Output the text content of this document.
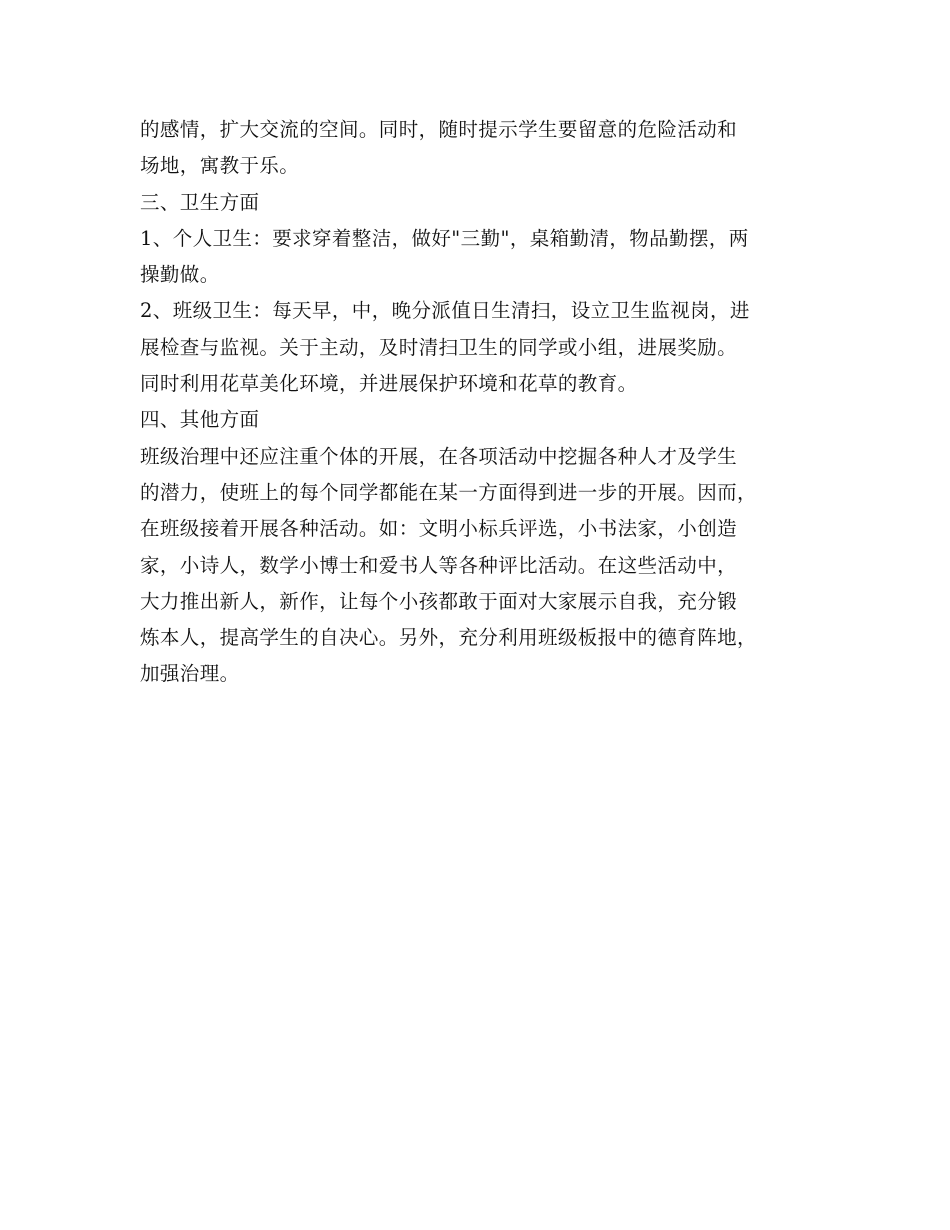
的感情，扩大交流的空间。同时，随时提示学生要留意的危险活动和
场地，寓教于乐。
三、卫生方面
1、个人卫生：要求穿着整洁，做好"三勤"，桌箱勤清，物品勤摆，两
操勤做。
2、班级卫生：每天早，中，晚分派值日生清扫，设立卫生监视岗，进
展检查与监视。关于主动，及时清扫卫生的同学或小组，进展奖励。
同时利用花草美化环境，并进展保护环境和花草的教育。
四、其他方面
班级治理中还应注重个体的开展，在各项活动中挖掘各种人才及学生
的潜力，使班上的每个同学都能在某一方面得到进一步的开展。因而，
在班级接着开展各种活动。如：文明小标兵评选，小书法家，小创造
家，小诗人，数学小博士和爱书人等各种评比活动。在这些活动中，
大力推出新人，新作，让每个小孩都敢于面对大家展示自我，充分锻
炼本人，提高学生的自决心。另外，充分利用班级板报中的德育阵地，
加强治理。
